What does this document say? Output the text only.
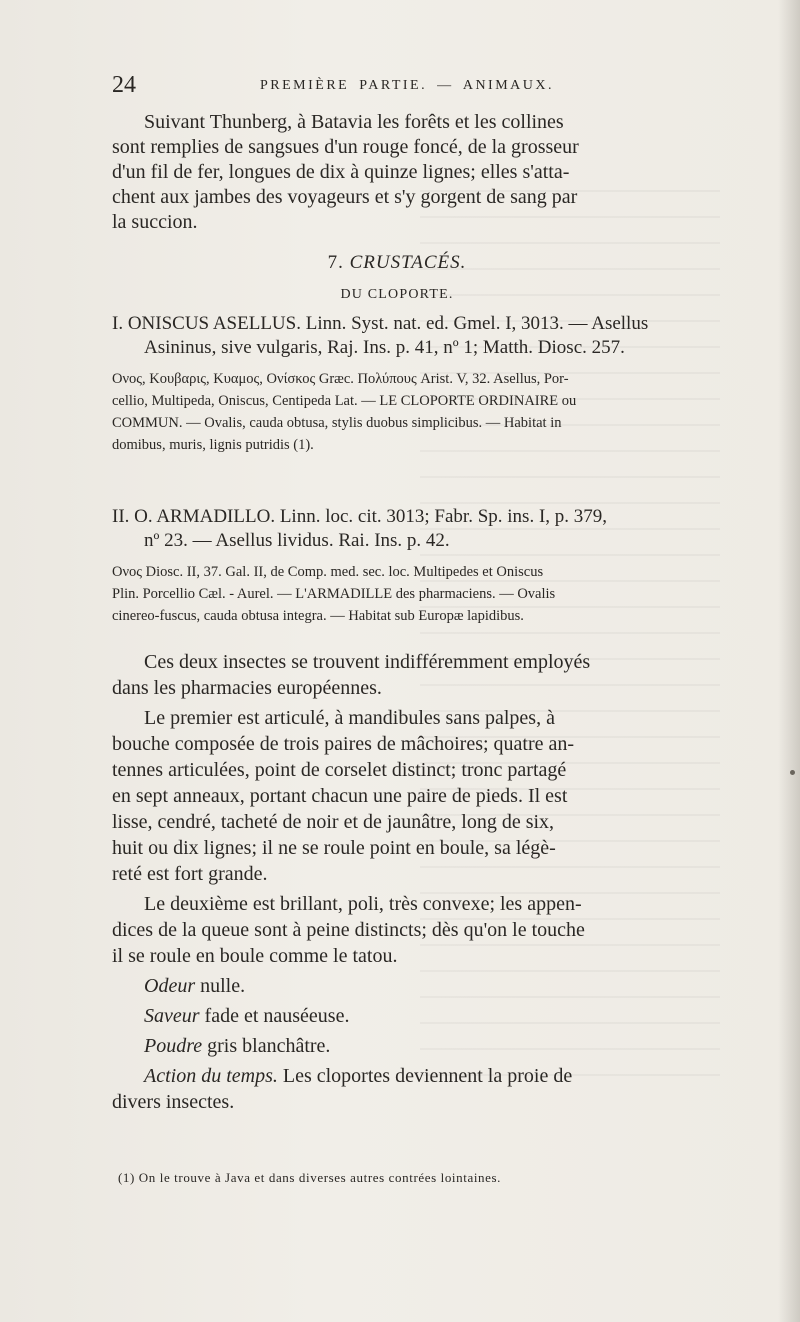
24	PREMIÈRE PARTIE. — ANIMAUX.
Suivant Thunberg, à Batavia les forêts et les collines
sont remplies de sangsues d'un rouge foncé, de la grosseur
d'un fil de fer, longues de dix à quinze lignes; elles s'atta-
chent aux jambes des voyageurs et s'y gorgent de sang par
la succion.
7. CRUSTACÉS.
DU CLOPORTE.
I. ONISCUS ASELLUS. Linn. Syst. nat. ed. Gmel. I, 3013. — Asellus
Asininus, sive vulgaris, Raj. Ins. p. 41, nº 1; Matth. Diosc. 257.
Ονος, Κουβαρις, Κυαμος, Ονίσκος Græc. Πολύπους Arist. V, 32. Asellus, Por-
cellio, Multipeda, Oniscus, Centipeda Lat. — LE CLOPORTE ORDINAIRE ou
COMMUN. — Ovalis, cauda obtusa, stylis duobus simplicibus. — Habitat in
domibus, muris, lignis putridis (1).
II. O. ARMADILLO. Linn. loc. cit. 3013; Fabr. Sp. ins. I, p. 379,
nº 23. — Asellus lividus. Rai. Ins. p. 42.
Ονος Diosc. II, 37. Gal. II, de Comp. med. sec. loc. Multipedes et Oniscus
Plin. Porcellio Cæl. - Aurel. — L'ARMADILLE des pharmaciens. — Ovalis
cinereo-fuscus, cauda obtusa integra. — Habitat sub Europæ lapidibus.

Ces deux insectes se trouvent indifféremment employés
dans les pharmacies européennes.

Le premier est articulé, à mandibules sans palpes, à
bouche composée de trois paires de mâchoires; quatre an-
tennes articulées, point de corselet distinct; tronc partagé
en sept anneaux, portant chacun une paire de pieds. Il est
lisse, cendré, tacheté de noir et de jaunâtre, long de six,
huit ou dix lignes; il ne se roule point en boule, sa légè-
reté est fort grande.

Le deuxième est brillant, poli, très convexe; les appen-
dices de la queue sont à peine distincts; dès qu'on le touche
il se roule en boule comme le tatou.

Odeur nulle.

Saveur fade et nauséeuse.

Poudre gris blanchâtre.

Action du temps. Les cloportes deviennent la proie de
divers insectes.

(1) On le trouve à Java et dans diverses autres contrées lointaines.
